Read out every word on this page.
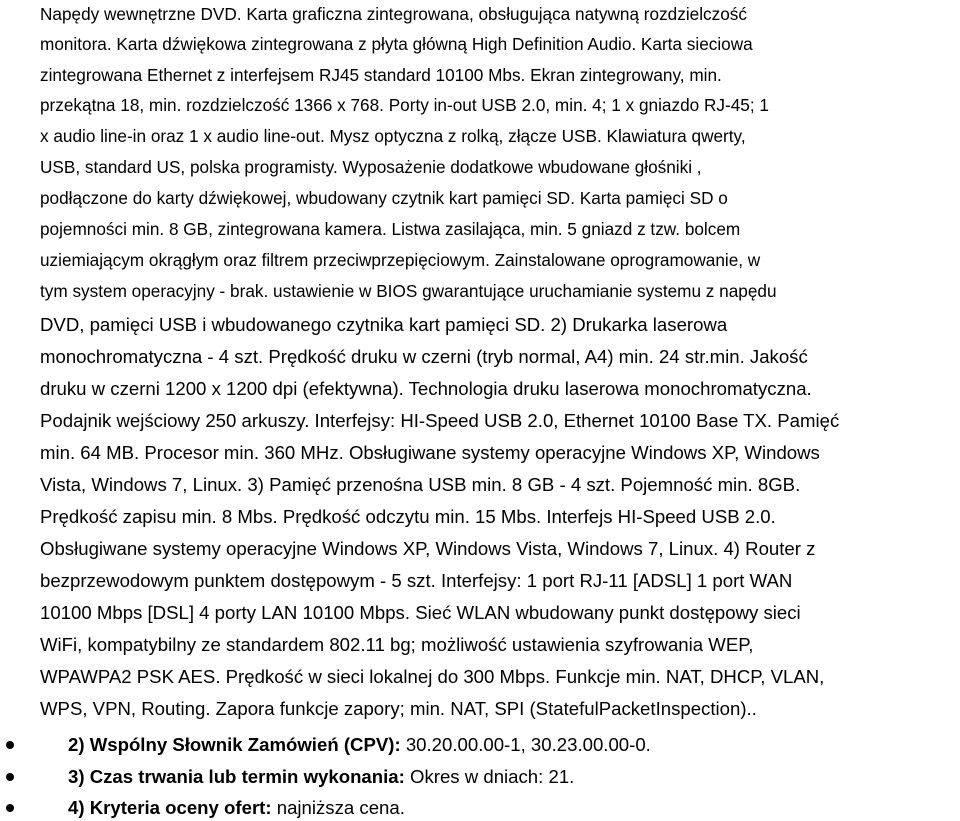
Napędy wewnętrzne DVD. Karta graficzna zintegrowana, obsługująca natywną rozdzielczość
monitora. Karta dźwiękowa zintegrowana z płyta główną High Definition Audio. Karta sieciowa
zintegrowana Ethernet z interfejsem RJ45 standard 10100 Mbs. Ekran zintegrowany, min.
przekątna 18, min. rozdzielczość 1366 x 768. Porty in-out USB 2.0, min. 4; 1 x gniazdo RJ-45; 1
x audio line-in oraz 1 x audio line-out. Mysz optyczna z rolką, złącze USB. Klawiatura qwerty,
USB, standard US, polska programisty. Wyposażenie dodatkowe wbudowane głośniki ,
podłączone do karty dźwiękowej, wbudowany czytnik kart pamięci SD. Karta pamięci SD o
pojemności min. 8 GB, zintegrowana kamera. Listwa zasilająca, min. 5 gniazd z tzw. bolcem
uziemiającym okrągłym oraz filtrem przeciwprzepięciowym. Zainstalowane oprogramowanie, w
tym system operacyjny - brak. ustawienie w BIOS gwarantujące uruchamianie systemu z napędu
DVD, pamięci USB i wbudowanego czytnika kart pamięci SD. 2) Drukarka laserowa
monochromatyczna - 4 szt. Prędkość druku w czerni (tryb normal, A4) min. 24 str.min. Jakość
druku w czerni 1200 x 1200 dpi (efektywna). Technologia druku laserowa monochromatyczna.
Podajnik wejściowy 250 arkuszy. Interfejsy: HI-Speed USB 2.0, Ethernet 10100 Base TX. Pamięć
min. 64 MB. Procesor min. 360 MHz. Obsługiwane systemy operacyjne Windows XP, Windows
Vista, Windows 7, Linux. 3) Pamięć przenośna USB min. 8 GB - 4 szt. Pojemność min. 8GB.
Prędkość zapisu min. 8 Mbs. Prędkość odczytu min. 15 Mbs. Interfejs HI-Speed USB 2.0.
Obsługiwane systemy operacyjne Windows XP, Windows Vista, Windows 7, Linux. 4) Router z
bezprzewodowym punktem dostępowym - 5 szt. Interfejsy: 1 port RJ-11 [ADSL] 1 port WAN
10100 Mbps [DSL] 4 porty LAN 10100 Mbps. Sieć WLAN wbudowany punkt dostępowy sieci
WiFi, kompatybilny ze standardem 802.11 bg; możliwość ustawienia szyfrowania WEP,
WPAWPA2 PSK AES. Prędkość w sieci lokalnej do 300 Mbps. Funkcje min. NAT, DHCP, VLAN,
WPS, VPN, Routing. Zapora funkcje zapory; min. NAT, SPI (StatefulPacketInspection)..
2) Wspólny Słownik Zamówień (CPV): 30.20.00.00-1, 30.23.00.00-0.
3) Czas trwania lub termin wykonania: Okres w dniach: 21.
4) Kryteria oceny ofert: najniższa cena.
